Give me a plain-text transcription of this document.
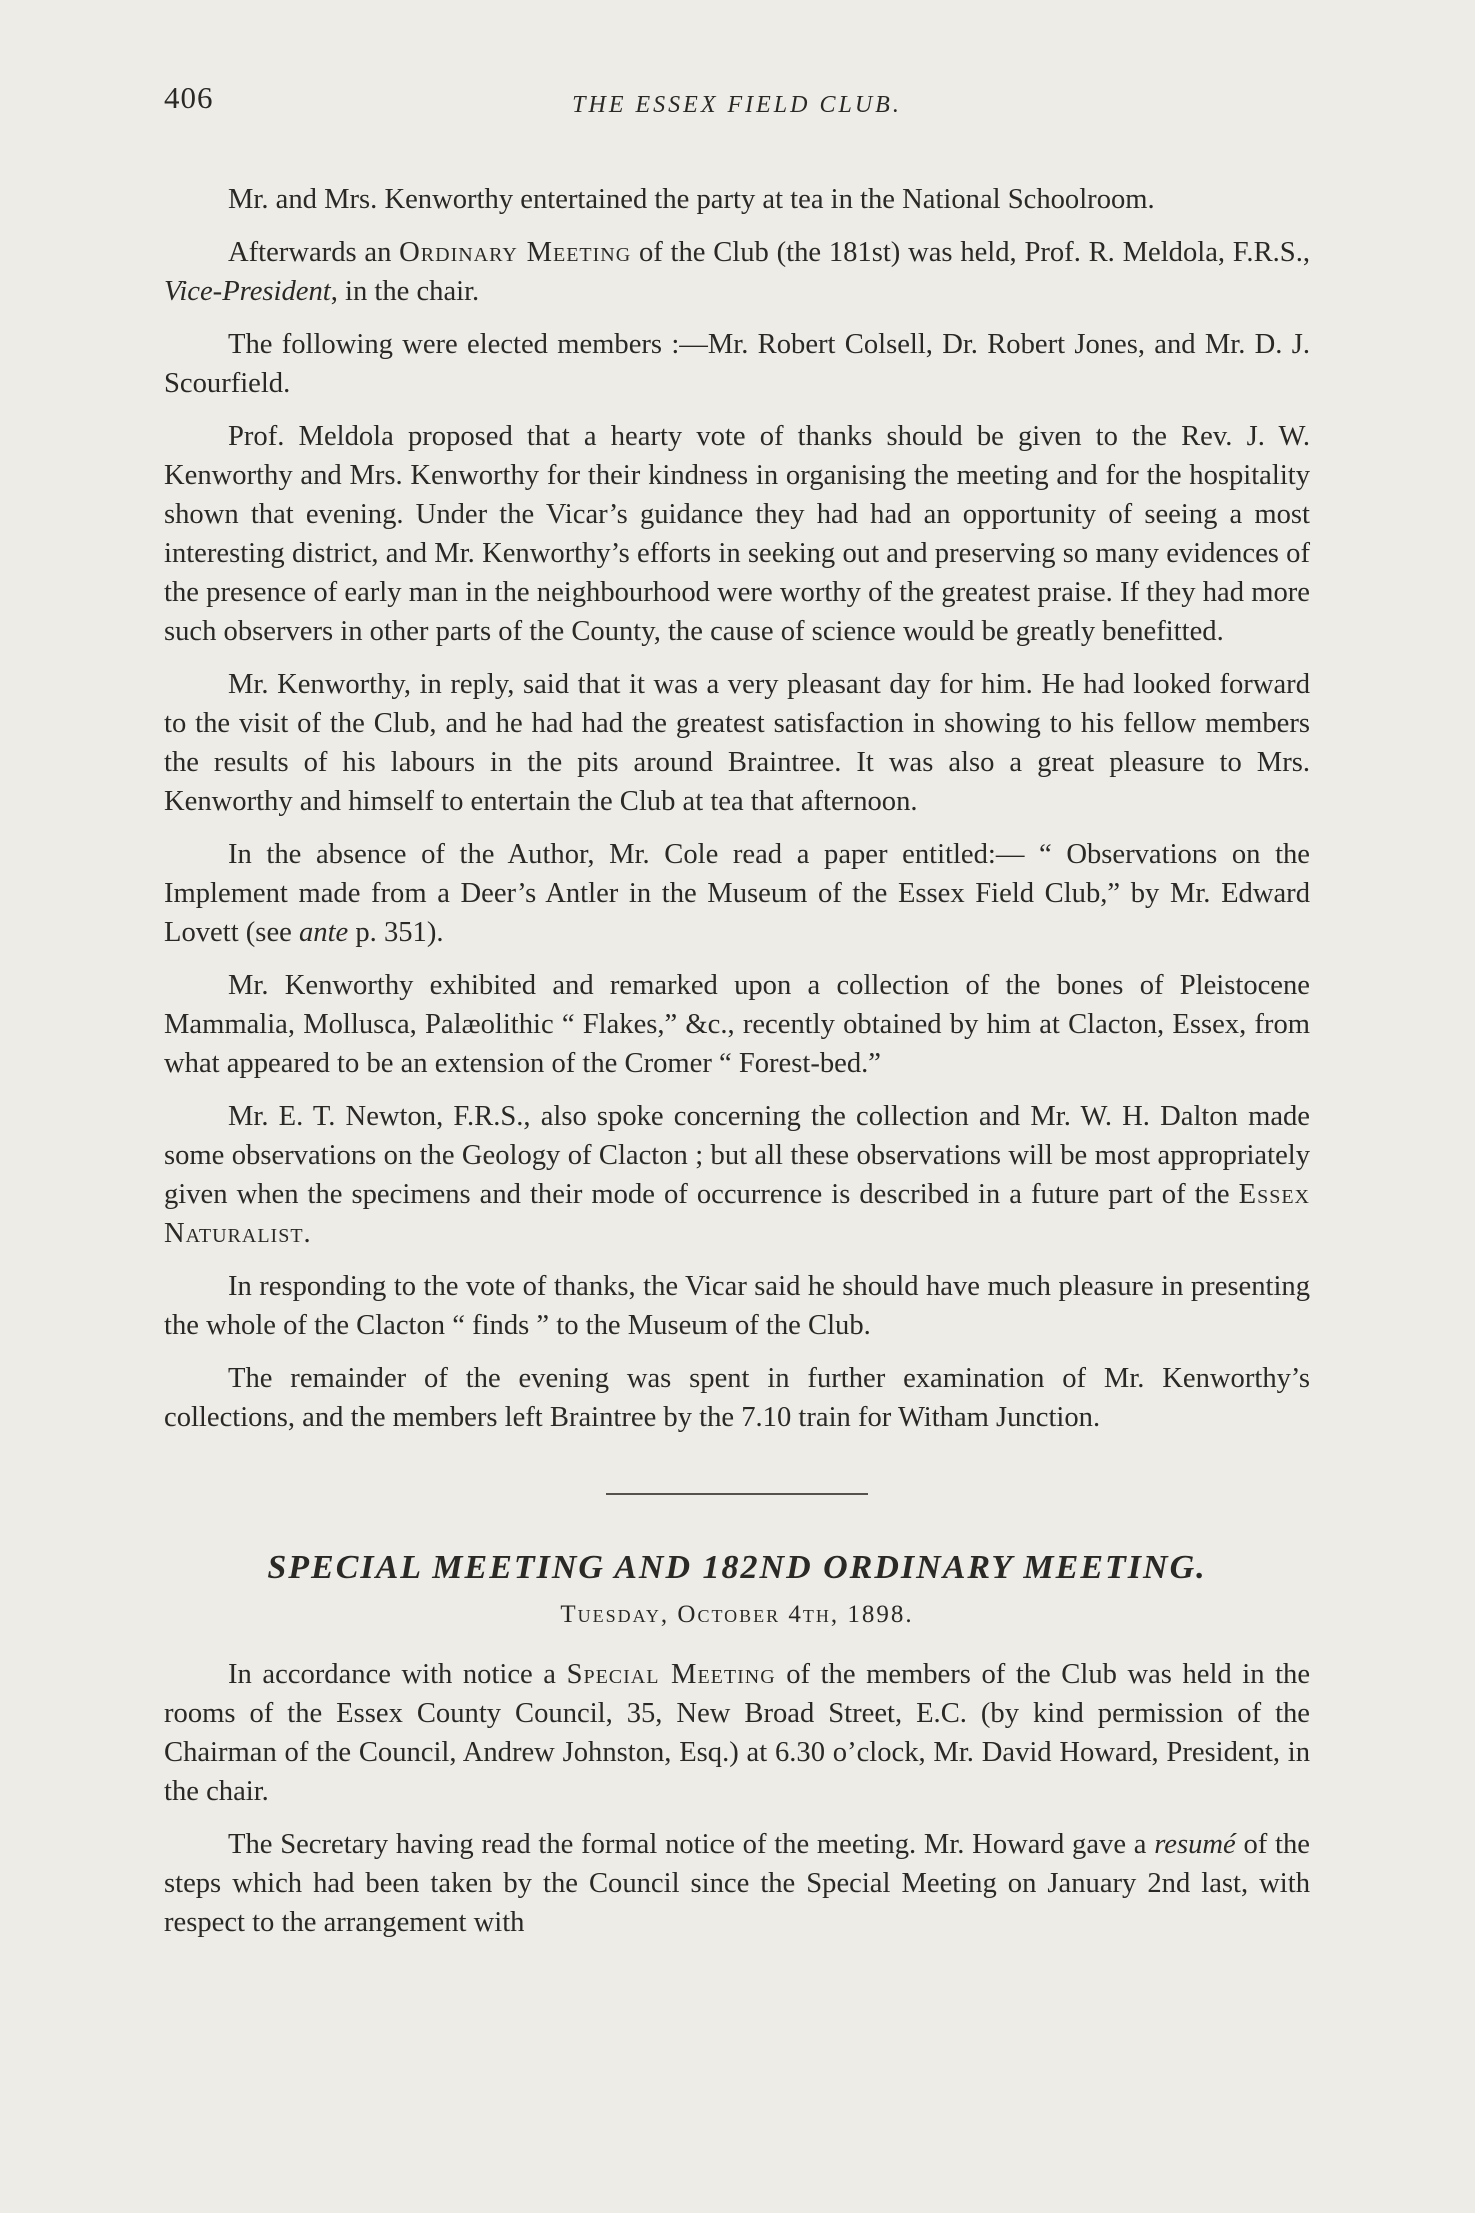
406	THE ESSEX FIELD CLUB.

Mr. and Mrs. Kenworthy entertained the party at tea in the National Schoolroom.

Afterwards an Ordinary Meeting of the Club (the 181st) was held, Prof. R. Meldola, F.R.S., Vice-President, in the chair.

The following were elected members :—Mr. Robert Colsell, Dr. Robert Jones, and Mr. D. J. Scourfield.

Prof. Meldola proposed that a hearty vote of thanks should be given to the Rev. J. W. Kenworthy and Mrs. Kenworthy for their kindness in organising the meeting and for the hospitality shown that evening. Under the Vicar’s guidance they had had an opportunity of seeing a most interesting district, and Mr. Kenworthy’s efforts in seeking out and preserving so many evidences of the presence of early man in the neighbourhood were worthy of the greatest praise. If they had more such observers in other parts of the County, the cause of science would be greatly benefitted.

Mr. Kenworthy, in reply, said that it was a very pleasant day for him. He had looked forward to the visit of the Club, and he had had the greatest satisfaction in showing to his fellow members the results of his labours in the pits around Braintree. It was also a great pleasure to Mrs. Kenworthy and himself to entertain the Club at tea that afternoon.

In the absence of the Author, Mr. Cole read a paper entitled:— “ Observations on the Implement made from a Deer’s Antler in the Museum of the Essex Field Club,” by Mr. Edward Lovett (see ante p. 351).

Mr. Kenworthy exhibited and remarked upon a collection of the bones of Pleistocene Mammalia, Mollusca, Palæolithic “ Flakes,” &c., recently obtained by him at Clacton, Essex, from what appeared to be an extension of the Cromer “ Forest-bed.”

Mr. E. T. Newton, F.R.S., also spoke concerning the collection and Mr. W. H. Dalton made some observations on the Geology of Clacton ; but all these observations will be most appropriately given when the specimens and their mode of occurrence is described in a future part of the Essex Naturalist.

In responding to the vote of thanks, the Vicar said he should have much pleasure in presenting the whole of the Clacton “ finds ” to the Museum of the Club.

The remainder of the evening was spent in further examination of Mr. Kenworthy’s collections, and the members left Braintree by the 7.10 train for Witham Junction.

SPECIAL MEETING AND 182ND ORDINARY MEETING.
Tuesday, October 4th, 1898.

In accordance with notice a Special Meeting of the members of the Club was held in the rooms of the Essex County Council, 35, New Broad Street, E.C. (by kind permission of the Chairman of the Council, Andrew Johnston, Esq.) at 6.30 o’clock, Mr. David Howard, President, in the chair.

The Secretary having read the formal notice of the meeting. Mr. Howard gave a resumé of the steps which had been taken by the Council since the Special Meeting on January 2nd last, with respect to the arrangement with
